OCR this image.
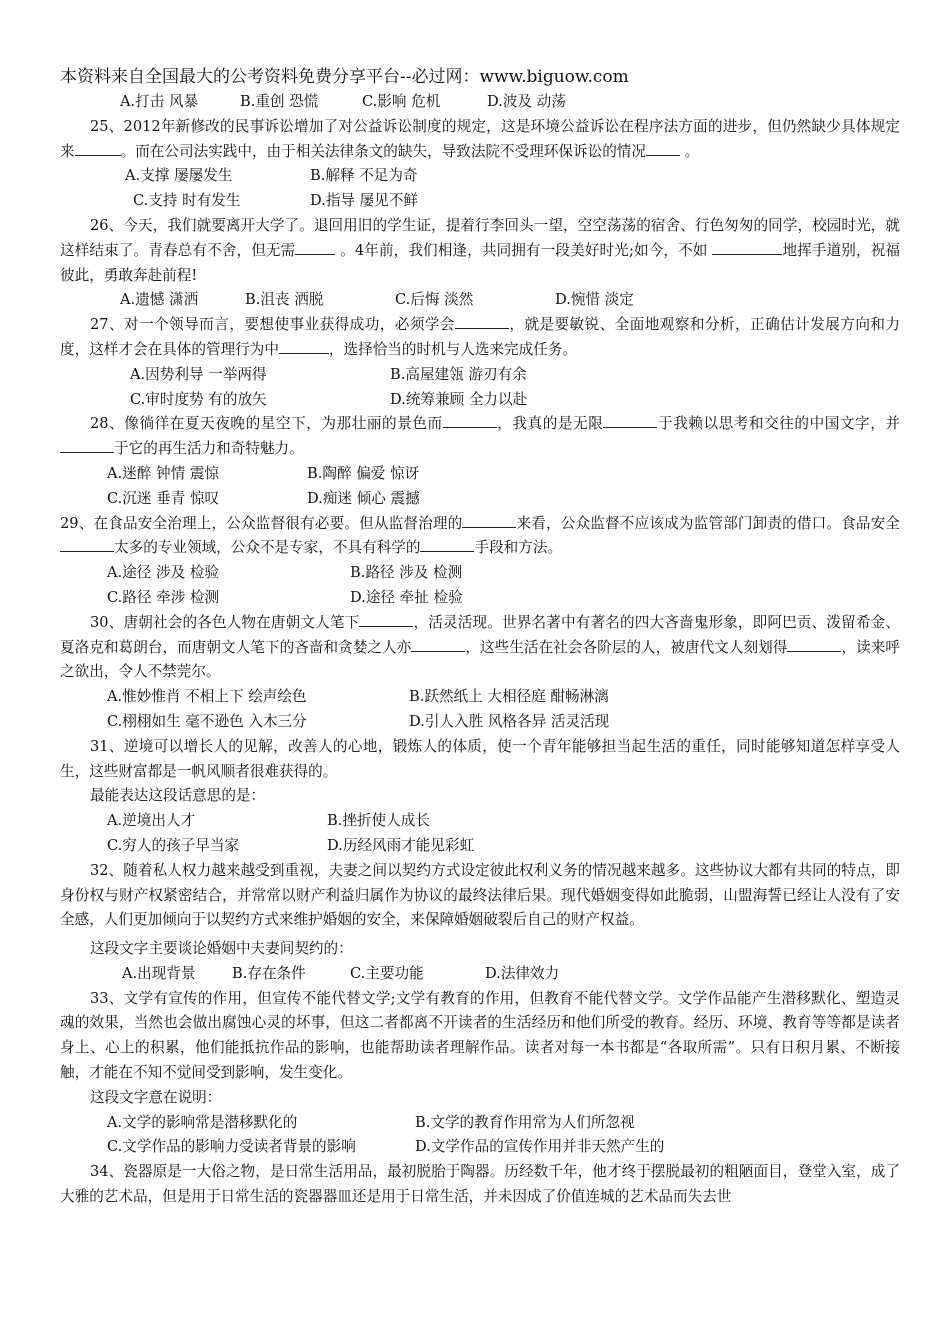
本资料来自全国最大的公考资料免费分享平台--必过网：www.biguow.com
A.打击 风暴	B.重创 恐慌	C.影响 危机	D.波及 动荡

25、2012年新修改的民事诉讼增加了对公益诉讼制度的规定，这是环境公益诉讼在程序法方面的进步，但仍然缺少具体规定来	。而在公司法实践中，由于相关法律条文的缺失，导致法院不受理环保诉讼的情况	。

A.支撑 屡屡发生	B.解释 不足为奇
C.支持 时有发生	D.指导 屡见不鲜

26、今天，我们就要离开大学了。退回用旧的学生证，提着行李回头一望，空空荡荡的宿舍、行色匆匆的同学，校园时光，就这样结束了。青春总有不舍，但无需	。4年前，我们相逢，共同拥有一段美好时光;如今，不如	地挥手道别，祝福彼此，勇敢奔赴前程!

A.遗憾 潇洒	B.沮丧 洒脱	C.后悔 淡然	D.惋惜 淡定

27、对一个领导而言，要想使事业获得成功，必须学会	，就是要敏锐、全面地观察和分析，正确估计发展方向和力度，这样才会在具体的管理行为中	，选择恰当的时机与人选来完成任务。

A.因势利导 一举两得	B.高屋建瓴 游刃有余
C.审时度势 有的放矢	D.统筹兼顾 全力以赴

28、像徜徉在夏天夜晚的星空下，为那壮丽的景色而	，我真的是无限	于我赖以思考和交往的中国文字，并于它的再生活力和奇特魅力。

A.迷醉 钟情 震惊	B.陶醉 偏爱 惊讶
C.沉迷 垂青 惊叹	D.痴迷 倾心 震撼

29、在食品安全治理上，公众监督很有必要。但从监督治理的	来看，公众监督不应该成为监管部门卸责的借口。食品安全太多的专业领域，公众不是专家，不具有科学的	手段和方法。

A.途径 涉及 检验	B.路径 涉及 检测
C.路径 牵涉 检测	D.途径 牵扯 检验

30、唐朝社会的各色人物在唐朝文人笔下	，活灵活现。世界名著中有著名的四大吝啬鬼形象，即阿巴贡、泼留希金、夏洛克和葛朗台，而唐朝文人笔下的吝啬和贪婪之人亦	，这些生活在社会各阶层的人，被唐代文人刻划得	，读来呼之欲出，令人不禁莞尔。

A.惟妙惟肖 不相上下 绘声绘色	B.跃然纸上 大相径庭 酣畅淋漓
C.栩栩如生 毫不逊色 入木三分	D.引人入胜 风格各异 活灵活现

31、逆境可以增长人的见解，改善人的心地，锻炼人的体质，使一个青年能够担当起生活的重任，同时能够知道怎样享受人生，这些财富都是一帆风顺者很难获得的。

最能表达这段话意思的是：

A.逆境出人才	B.挫折使人成长
C.穷人的孩子早当家	D.历经风雨才能见彩虹

32、随着私人权力越来越受到重视，夫妻之间以契约方式设定彼此权利义务的情况越来越多。这些协议大都有共同的特点，即身份权与财产权紧密结合，并常常以财产利益归属作为协议的最终法律后果。现代婚姻变得如此脆弱，山盟海誓已经让人没有了安全感，人们更加倾向于以契约方式来维护婚姻的安全，来保障婚姻破裂后自己的财产权益。

这段文字主要谈论婚姻中夫妻间契约的：

A.出现背景	B.存在条件	C.主要功能	D.法律效力

33、文学有宣传的作用，但宣传不能代替文学;文学有教育的作用，但教育不能代替文学。文学作品能产生潜移默化、塑造灵魂的效果，当然也会做出腐蚀心灵的坏事，但这二者都离不开读者的生活经历和他们所受的教育。经历、环境、教育等等都是读者身上、心上的积累，他们能抵抗作品的影响，也能帮助读者理解作品。读者对每一本书都是“各取所需”。只有日积月累、不断接触，才能在不知不觉间受到影响，发生变化。

这段文字意在说明：

A.文学的影响常是潜移默化的	B.文学的教育作用常为人们所忽视
C.文学作品的影响力受读者背景的影响	D.文学作品的宣传作用并非天然产生的

34、瓷器原是一大俗之物，是日常生活用品，最初脱胎于陶器。历经数千年，他才终于摆脱最初的粗陋面目，登堂入室，成了大雅的艺术品，但是用于日常生活的瓷器器皿还是用于日常生活，并未因成了价值连城的艺术品而失去世
